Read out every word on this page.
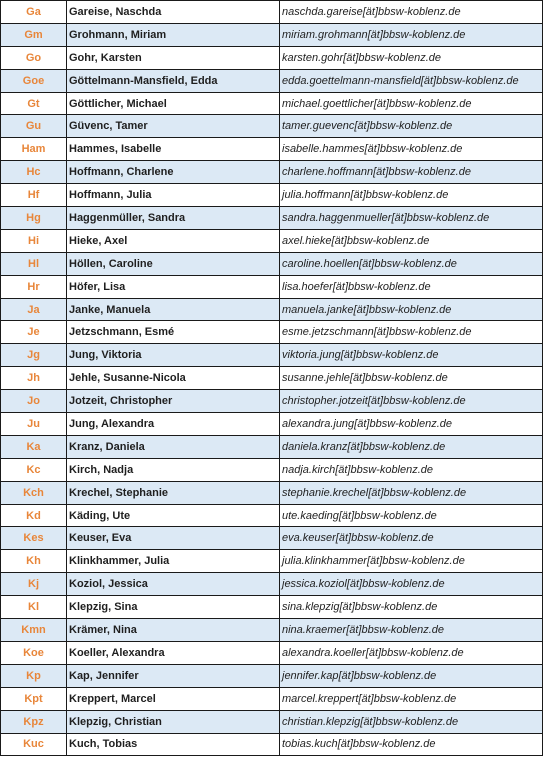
Ga	Gareise, Naschda	naschda.gareise[ät]bbsw-koblenz.de
Gm	Grohmann, Miriam	miriam.grohmann[ät]bbsw-koblenz.de
Go	Gohr, Karsten	karsten.gohr[ät]bbsw-koblenz.de
Goe	Göttelmann-Mansfield, Edda	edda.goettelmann-mansfield[ät]bbsw-koblenz.de
Gt	Göttlicher, Michael	michael.goettlicher[ät]bbsw-koblenz.de
Gu	Güvenc, Tamer	tamer.guevenc[ät]bbsw-koblenz.de
Ham	Hammes, Isabelle	isabelle.hammes[ät]bbsw-koblenz.de
Hc	Hoffmann, Charlene	charlene.hoffmann[ät]bbsw-koblenz.de
Hf	Hoffmann, Julia	julia.hoffmann[ät]bbsw-koblenz.de
Hg	Haggenmüller, Sandra	sandra.haggenmueller[ät]bbsw-koblenz.de
Hi	Hieke, Axel	axel.hieke[ät]bbsw-koblenz.de
Hl	Höllen, Caroline	caroline.hoellen[ät]bbsw-koblenz.de
Hr	Höfer, Lisa	lisa.hoefer[ät]bbsw-koblenz.de
Ja	Janke, Manuela	manuela.janke[ät]bbsw-koblenz.de
Je	Jetzschmann, Esmé	esme.jetzschmann[ät]bbsw-koblenz.de
Jg	Jung, Viktoria	viktoria.jung[ät]bbsw-koblenz.de
Jh	Jehle, Susanne-Nicola	susanne.jehle[ät]bbsw-koblenz.de
Jo	Jotzeit, Christopher	christopher.jotzeit[ät]bbsw-koblenz.de
Ju	Jung, Alexandra	alexandra.jung[ät]bbsw-koblenz.de
Ka	Kranz, Daniela	daniela.kranz[ät]bbsw-koblenz.de
Kc	Kirch, Nadja	nadja.kirch[ät]bbsw-koblenz.de
Kch	Krechel, Stephanie	stephanie.krechel[ät]bbsw-koblenz.de
Kd	Käding, Ute	ute.kaeding[ät]bbsw-koblenz.de
Kes	Keuser, Eva	eva.keuser[ät]bbsw-koblenz.de
Kh	Klinkhammer, Julia	julia.klinkhammer[ät]bbsw-koblenz.de
Kj	Koziol, Jessica	jessica.koziol[ät]bbsw-koblenz.de
Kl	Klepzig, Sina	sina.klepzig[ät]bbsw-koblenz.de
Kmn	Krämer, Nina	nina.kraemer[ät]bbsw-koblenz.de
Koe	Koeller, Alexandra	alexandra.koeller[ät]bbsw-koblenz.de
Kp	Kap, Jennifer	jennifer.kap[ät]bbsw-koblenz.de
Kpt	Kreppert, Marcel	marcel.kreppert[ät]bbsw-koblenz.de
Kpz	Klepzig, Christian	christian.klepzig[ät]bbsw-koblenz.de
Kuc	Kuch, Tobias	tobias.kuch[ät]bbsw-koblenz.de
